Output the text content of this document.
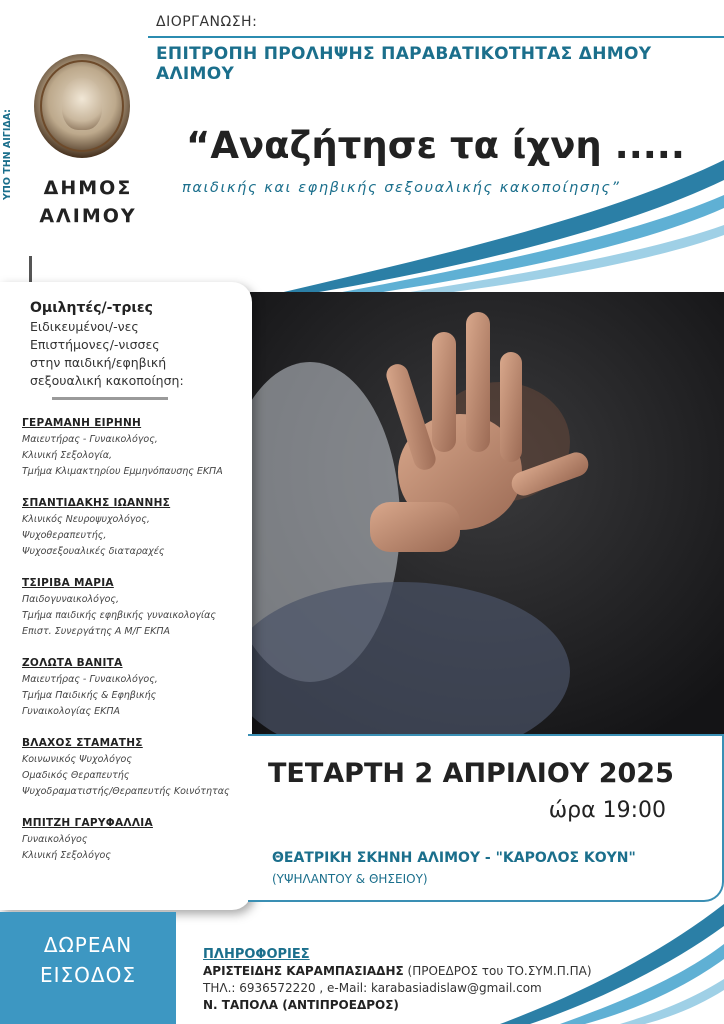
ΔΙΟΡΓΑΝΩΣΗ:
ΕΠΙΤΡΟΠΗ ΠΡΟΛΗΨΗΣ ΠΑΡΑΒΑΤΙΚΟΤΗΤΑΣ ΔΗΜΟΥ ΑΛΙΜΟΥ
ΥΠΟ ΤΗΝ ΑΙΓΙΔΑ:	ΔΗΜΟΣ
ΑΛΙΜΟΥ
“Αναζήτησε τα ίχνη .....
παιδικής και εφηβικής σεξουαλικής κακοποίησης”
Ομιλητές/-τριες
Ειδικευμένοι/-νες
Επιστήμονες/-νισσες
στην παιδική/εφηβική
σεξουαλική κακοποίηση:
ΓΕΡΑΜΑΝΗ ΕΙΡΗΝΗ
Μαιευτήρας - Γυναικολόγος,
Κλινική Σεξολογία,
Τμήμα Κλιμακτηρίου Εμμηνόπαυσης ΕΚΠΑ
ΣΠΑΝΤΙΔΑΚΗΣ ΙΩΑΝΝΗΣ
Κλινικός Νευροψυχολόγος,
Ψυχοθεραπευτής,
Ψυχοσεξουαλικές διαταραχές
ΤΣΙΡΙΒΑ ΜΑΡΙΑ
Παιδογυναικολόγος,
Τμήμα παιδικής εφηβικής γυναικολογίας
Επιστ. Συνεργάτης Α Μ/Γ ΕΚΠΑ
ΖΟΛΩΤΑ ΒΑΝΙΤΑ
Μαιευτήρας - Γυναικολόγος,
Τμήμα Παιδικής & Εφηβικής
Γυναικολογίας ΕΚΠΑ
ΒΛΑΧΟΣ ΣΤΑΜΑΤΗΣ
Κοινωνικός Ψυχολόγος
Ομαδικός Θεραπευτής
Ψυχοδραματιστής/Θεραπευτής Κοινότητας
ΜΠΙΤΖΗ ΓΑΡΥΦΑΛΛΙΑ
Γυναικολόγος
Κλινική Σεξολόγος
ΤΕΤΑΡΤΗ 2 ΑΠΡΙΛΙΟΥ 2025
ώρα 19:00
ΘΕΑΤΡΙΚΗ ΣΚΗΝΗ ΑΛΙΜΟΥ - "ΚΑΡΟΛΟΣ ΚΟΥΝ"
(ΥΨΗΛΑΝΤΟΥ & ΘΗΣΕΙΟΥ)
ΔΩΡΕΑΝ
ΕΙΣΟΔΟΣ
ΠΛΗΡΟΦΟΡΙΕΣ
ΑΡΙΣΤΕΙΔΗΣ ΚΑΡΑΜΠΑΣΙΑΔΗΣ (ΠΡΟΕΔΡΟΣ του ΤΟ.ΣΥΜ.Π.ΠΑ)
ΤΗΛ.: 6936572220 , e-Mail: karabasiadislaw@gmail.com
Ν. ΤΑΠΟΛΑ (ΑΝΤΙΠΡΟΕΔΡΟΣ)
